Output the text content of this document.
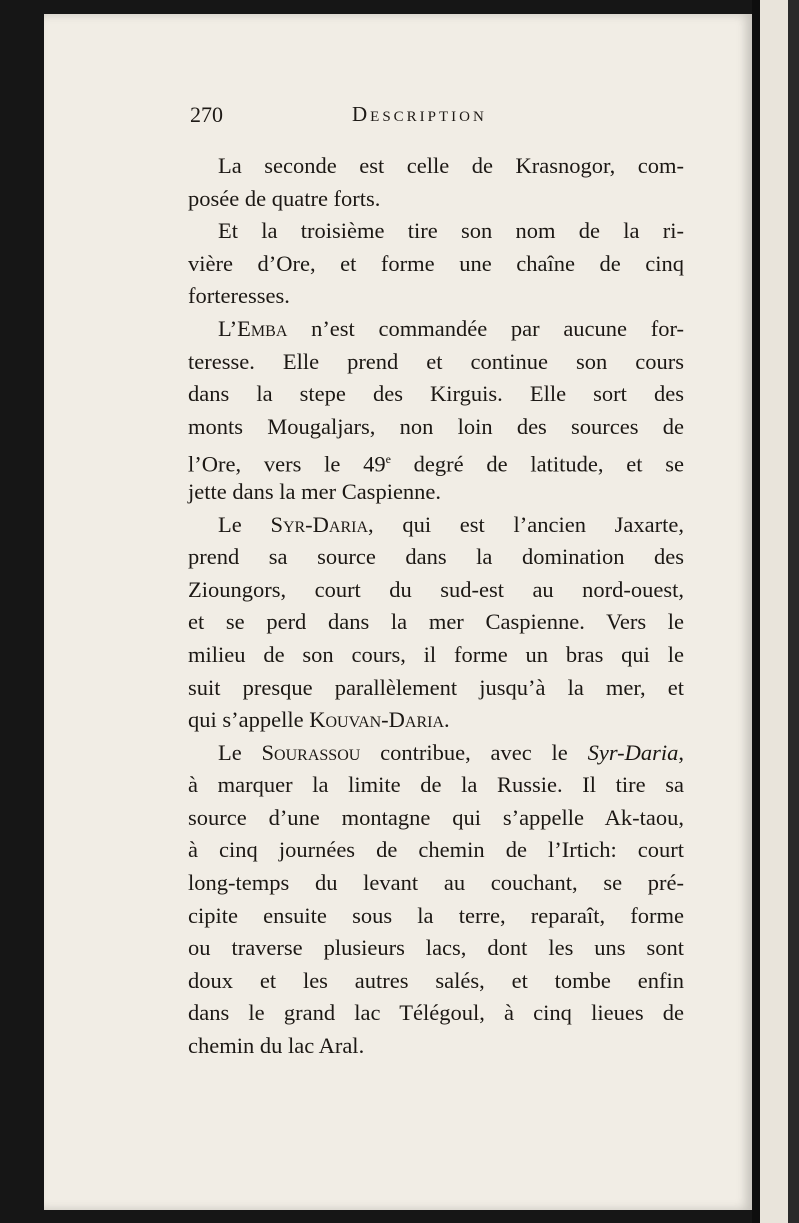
270	Description
La seconde est celle de Krasnogor, com-
posée de quatre forts.
Et la troisième tire son nom de la ri-
vière d’Ore, et forme une chaîne de cinq
forteresses.
L’Emba n’est commandée par aucune for-
teresse. Elle prend et continue son cours
dans la stepe des Kirguis. Elle sort des
monts Mougaljars, non loin des sources de
l’Ore, vers le 49e degré de latitude, et se
jette dans la mer Caspienne.
Le Syr-Daria, qui est l’ancien Jaxarte,
prend sa source dans la domination des
Zioungors, court du sud-est au nord-ouest,
et se perd dans la mer Caspienne. Vers le
milieu de son cours, il forme un bras qui le
suit presque parallèlement jusqu’à la mer, et
qui s’appelle Kouvan-Daria.
Le Sourassou contribue, avec le Syr-Daria,
à marquer la limite de la Russie. Il tire sa
source d’une montagne qui s’appelle Ak-taou,
à cinq journées de chemin de l’Irtich: court
long-temps du levant au couchant, se pré-
cipite ensuite sous la terre, reparaît, forme
ou traverse plusieurs lacs, dont les uns sont
doux et les autres salés, et tombe enfin
dans le grand lac Télégoul, à cinq lieues de
chemin du lac Aral.
